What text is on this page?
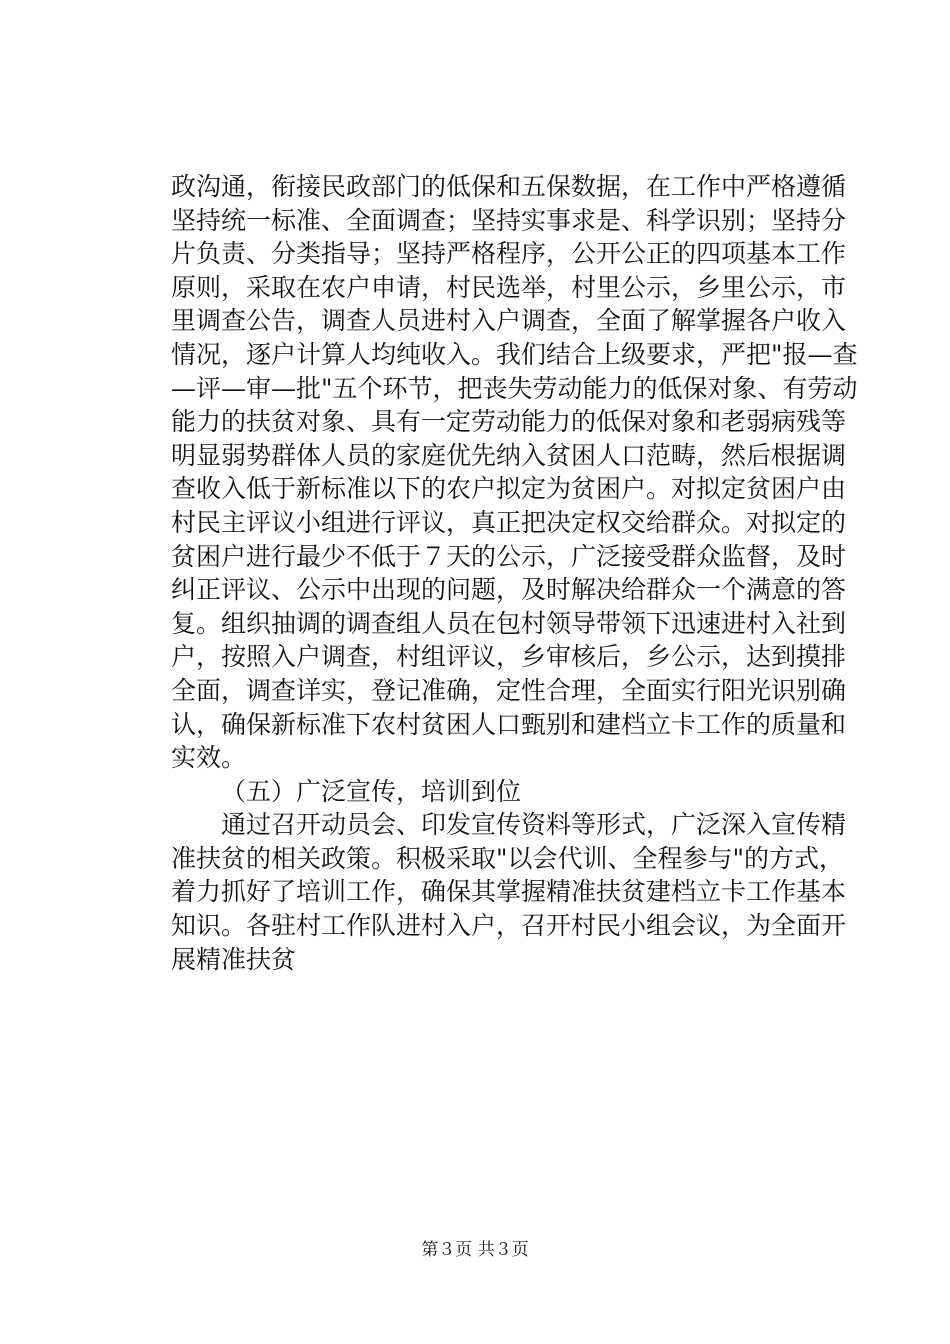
政沟通，衔接民政部门的低保和五保数据，在工作中严格遵循
坚持统一标准、全面调查；坚持实事求是、科学识别；坚持分
片负责、分类指导；坚持严格程序，公开公正的四项基本工作
原则，采取在农户申请，村民选举，村里公示，乡里公示，市
里调查公告，调查人员进村入户调查，全面了解掌握各户收入
情况，逐户计算人均纯收入。我们结合上级要求，严把"报—查
—评—审—批"五个环节，把丧失劳动能力的低保对象、有劳动
能力的扶贫对象、具有一定劳动能力的低保对象和老弱病残等
明显弱势群体人员的家庭优先纳入贫困人口范畴，然后根据调
查收入低于新标准以下的农户拟定为贫困户。对拟定贫困户由
村民主评议小组进行评议，真正把决定权交给群众。对拟定的
贫困户进行最少不低于７天的公示，广泛接受群众监督，及时
纠正评议、公示中出现的问题，及时解决给群众一个满意的答
复。组织抽调的调查组人员在包村领导带领下迅速进村入社到
户，按照入户调查，村组评议，乡审核后，乡公示，达到摸排
全面，调查详实，登记准确，定性合理，全面实行阳光识别确
认，确保新标准下农村贫困人口甄别和建档立卡工作的质量和
实效。
（五）广泛宣传，培训到位
通过召开动员会、印发宣传资料等形式，广泛深入宣传精
准扶贫的相关政策。积极采取"以会代训、全程参与"的方式，
着力抓好了培训工作，确保其掌握精准扶贫建档立卡工作基本
知识。各驻村工作队进村入户，召开村民小组会议，为全面开
展精准扶贫
第３页 共３页
